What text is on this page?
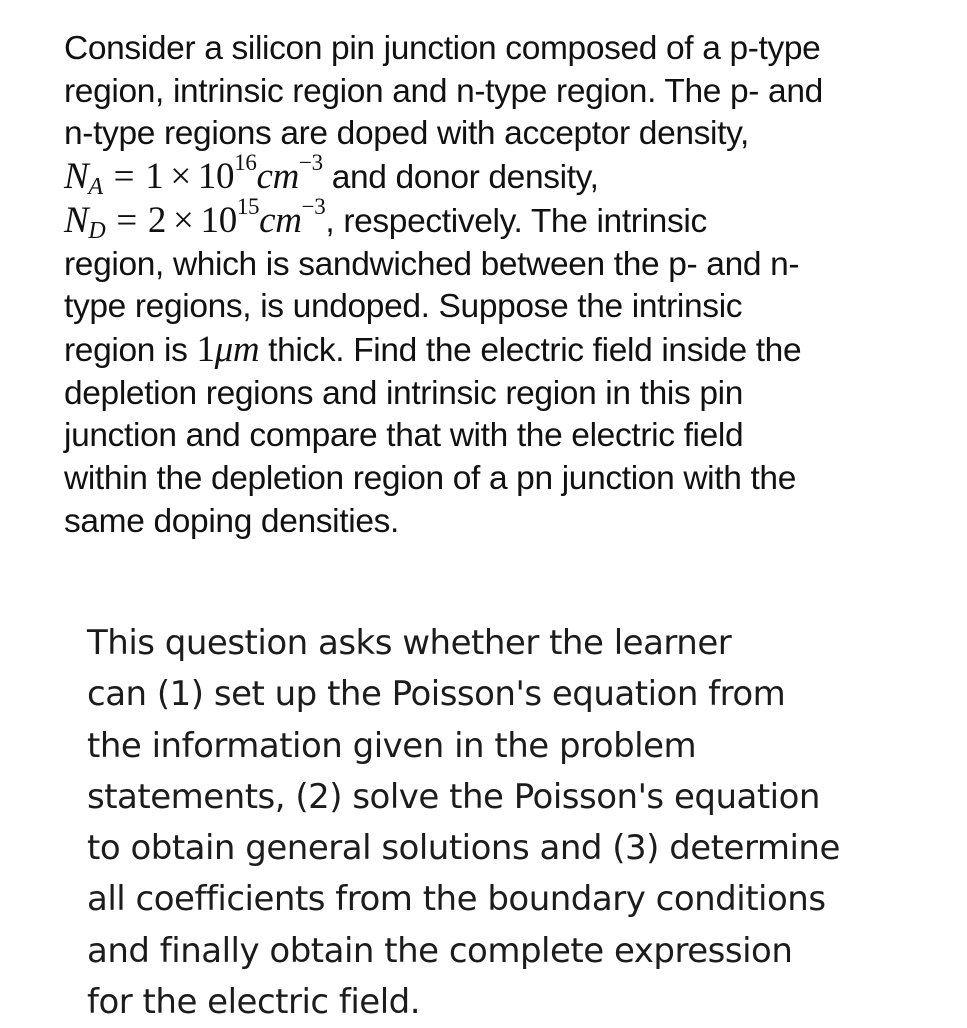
Consider a silicon pin junction composed of a p-type
region, intrinsic region and n-type region. The p- and
n-type regions are doped with acceptor density,
$N_A = 1 \times 10^{16}cm^{-3}$ and donor density,
$N_D = 2 \times 10^{15}cm^{-3}$, respectively. The intrinsic
region, which is sandwiched between the p- and n-
type regions, is undoped. Suppose the intrinsic
region is 1μm thick. Find the electric field inside the
depletion regions and intrinsic region in this pin
junction and compare that with the electric field
within the depletion region of a pn junction with the
same doping densities.
This question asks whether the learner
can (1) set up the Poisson's equation from
the information given in the problem
statements, (2) solve the Poisson's equation
to obtain general solutions and (3) determine
all coefficients from the boundary conditions
and finally obtain the complete expression
for the electric field.
